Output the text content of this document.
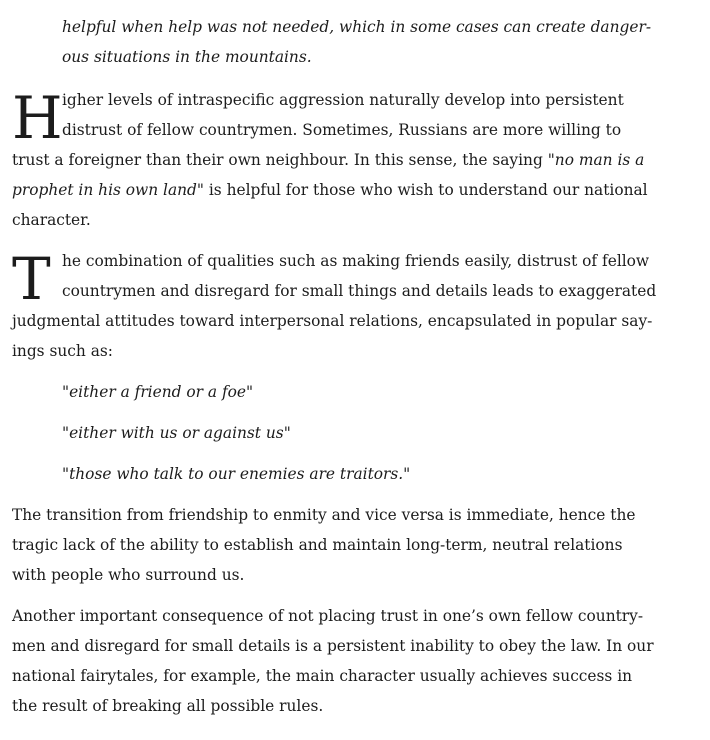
helpful when help was not needed, which in some cases can create danger-
ous situations in the mountains.
H igher levels of intraspecific aggression naturally develop into persistent
distrust of fellow countrymen. Sometimes, Russians are more willing to
trust a foreigner than their own neighbour. In this sense, the saying "no man is a
prophet in his own land" is helpful for those who wish to understand our national
character.
T he combination of qualities such as making friends easily, distrust of fellow
countrymen and disregard for small things and details leads to exaggerated
judgmental attitudes toward interpersonal relations, encapsulated in popular say-
ings such as:
"either a friend or a foe"
"either with us or against us"
"those who talk to our enemies are traitors."
The transition from friendship to enmity and vice versa is immediate, hence the
tragic lack of the ability to establish and maintain long-term, neutral relations
with people who surround us.
Another important consequence of not placing trust in one’s own fellow country-
men and disregard for small details is a persistent inability to obey the law. In our
national fairytales, for example, the main character usually achieves success in
the result of breaking all possible rules.
